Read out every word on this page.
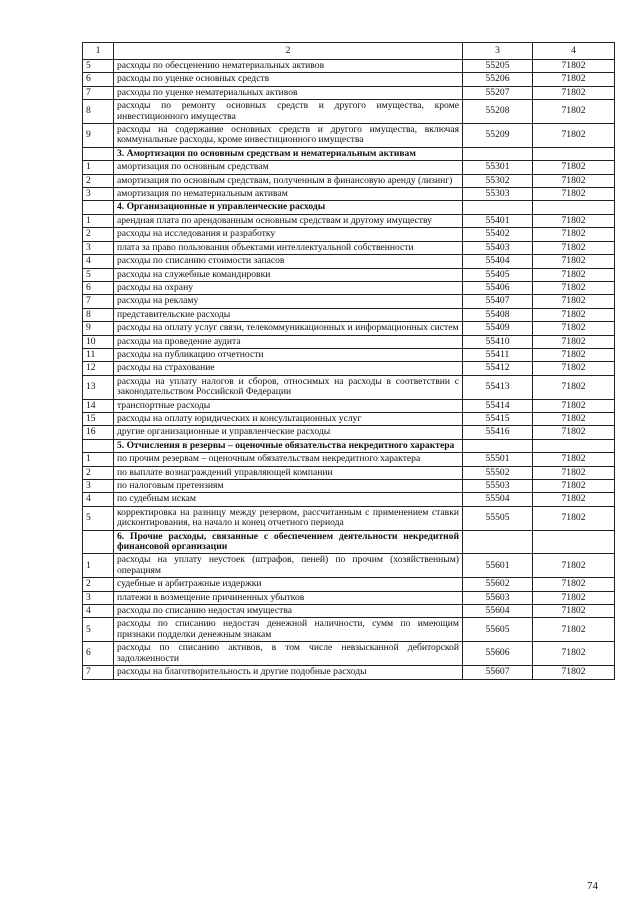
1	2	3	4
5	расходы по обесценению нематериальных активов	55205	71802
6	расходы по уценке основных средств	55206	71802
7	расходы по уценке нематериальных активов	55207	71802
8	расходы по ремонту основных средств и другого имущества, кроме инвестиционного имущества	55208	71802
9	расходы на содержание основных средств и другого имущества, включая коммунальные расходы, кроме инвестиционного имущества	55209	71802
	3. Амортизация по основным средствам и нематериальным активам		
1	амортизация по основным средствам	55301	71802
2	амортизация по основным средствам, полученным в финансовую аренду (лизинг)	55302	71802
3	амортизация по нематериальным активам	55303	71802
	4. Организационные и управленческие расходы		
1	арендная плата по арендованным основным средствам и другому имуществу	55401	71802
2	расходы на исследования и разработку	55402	71802
3	плата за право пользования объектами интеллектуальной собственности	55403	71802
4	расходы по списанию стоимости запасов	55404	71802
5	расходы на служебные командировки	55405	71802
6	расходы на охрану	55406	71802
7	расходы на рекламу	55407	71802
8	представительские расходы	55408	71802
9	расходы на оплату услуг связи, телекоммуникационных и информационных систем	55409	71802
10	расходы на проведение аудита	55410	71802
11	расходы на публикацию отчетности	55411	71802
12	расходы на страхование	55412	71802
13	расходы на уплату налогов и сборов, относимых на расходы в соответствии с законодательством Российской Федерации	55413	71802
14	транспортные расходы	55414	71802
15	расходы на оплату юридических и консультационных услуг	55415	71802
16	другие организационные и управленческие расходы	55416	71802
	5. Отчисления в резервы – оценочные обязательства некредитного характера		
1	по прочим резервам – оценочным обязательствам некредитного характера	55501	71802
2	по выплате вознаграждений управляющей компании	55502	71802
3	по налоговым претензиям	55503	71802
4	по судебным искам	55504	71802
5	корректировка на разницу между резервом, рассчитанным с применением ставки дисконтирования, на начало и конец отчетного периода	55505	71802
	6. Прочие расходы, связанные с обеспечением деятельности некредитной финансовой организации		
1	расходы на уплату неустоек (штрафов, пеней) по прочим (хозяйственным) операциям	55601	71802
2	судебные и арбитражные издержки	55602	71802
3	платежи в возмещение причиненных убытков	55603	71802
4	расходы по списанию недостач имущества	55604	71802
5	расходы по списанию недостач денежной наличности, сумм по имеющим признаки подделки денежным знакам	55605	71802
6	расходы по списанию активов, в том числе невзысканной дебиторской задолженности	55606	71802
7	расходы на благотворительность и другие подобные расходы	55607	71802
74
